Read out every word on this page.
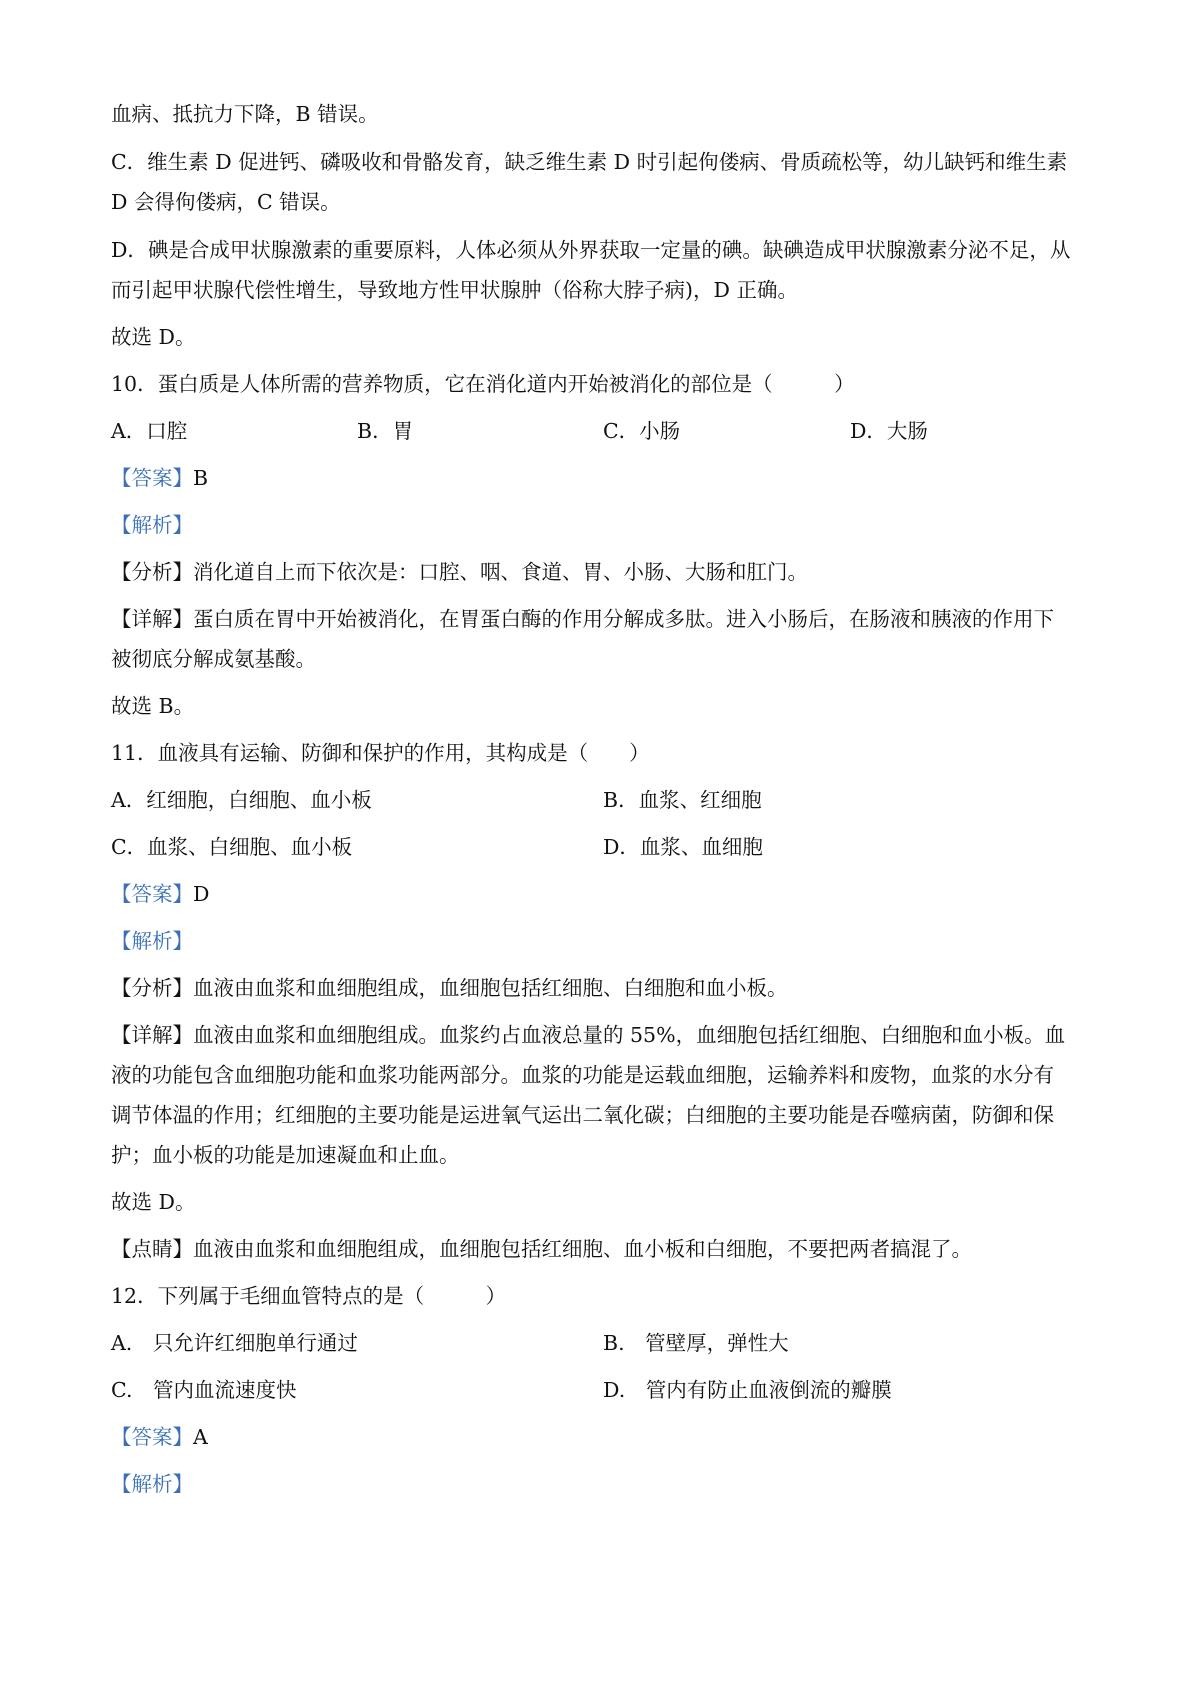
血病、抵抗力下降，B 错误。
C．维生素 D 促进钙、磷吸收和骨骼发育，缺乏维生素 D 时引起佝偻病、骨质疏松等，幼儿缺钙和维生素
D 会得佝偻病，C 错误。
D．碘是合成甲状腺激素的重要原料，人体必须从外界获取一定量的碘。缺碘造成甲状腺激素分泌不足，从
而引起甲状腺代偿性增生，导致地方性甲状腺肿（俗称大脖子病)，D 正确。
故选 D。
10．蛋白质是人体所需的营养物质，它在消化道内开始被消化的部位是（　　　）
A．口腔	B．胃	C．小肠	D．大肠
【答案】B
【解析】
【分析】消化道自上而下依次是：口腔、咽、食道、胃、小肠、大肠和肛门。
【详解】蛋白质在胃中开始被消化，在胃蛋白酶的作用分解成多肽。进入小肠后，在肠液和胰液的作用下
被彻底分解成氨基酸。
故选 B。
11．血液具有运输、防御和保护的作用，其构成是（　　）
A．红细胞，白细胞、血小板	B．血浆、红细胞
C．血浆、白细胞、血小板	D．血浆、血细胞
【答案】D
【解析】
【分析】血液由血浆和血细胞组成，血细胞包括红细胞、白细胞和血小板。
【详解】血液由血浆和血细胞组成。血浆约占血液总量的 55%，血细胞包括红细胞、白细胞和血小板。血
液的功能包含血细胞功能和血浆功能两部分。血浆的功能是运载血细胞，运输养料和废物，血浆的水分有
调节体温的作用；红细胞的主要功能是运进氧气运出二氧化碳；白细胞的主要功能是吞噬病菌，防御和保
护；血小板的功能是加速凝血和止血。
故选 D。
【点睛】血液由血浆和血细胞组成，血细胞包括红细胞、血小板和白细胞，不要把两者搞混了。
12．下列属于毛细血管特点的是（　　　）
A.　只允许红细胞单行通过	B.　管壁厚，弹性大
C.　管内血流速度快	D.　管内有防止血液倒流的瓣膜
【答案】A
【解析】
